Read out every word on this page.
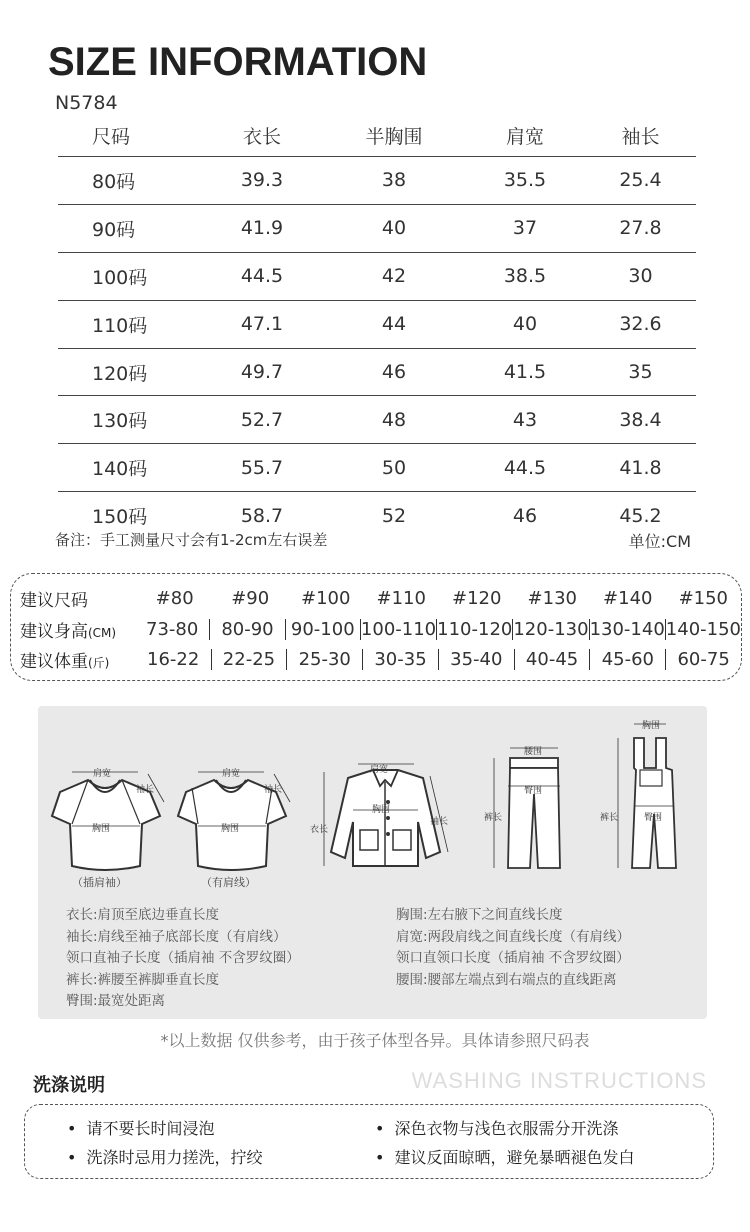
SIZE INFORMATION
N5784
尺码	衣长	半胸围	肩宽	袖长
80码	39.3	38	35.5	25.4
90码	41.9	40	37	27.8
100码	44.5	42	38.5	30
110码	47.1	44	40	32.6
120码	49.7	46	41.5	35
130码	52.7	48	43	38.4
140码	55.7	50	44.5	41.8
150码	58.7	52	46	45.2
备注：手工测量尺寸会有1-2cm左右误差	单位:CM
建议尺码	#80	#90	#100	#110	#120	#130	#140	#150
建议身高(CM)	73-80	80-90 90-100 100-110 110-120 120-130 130-140 140-150
建议体重(斤)	16-22	22-25	25-30	30-35	35-40	40-45	45-60	60-75
肩宽
袖长
胸围
（插肩袖）
肩宽
袖长
胸围
（有肩线）
肩宽
衣长
袖长
胸围
腰围
臀围
裤长
胸围
臀围
裤长
衣长:肩顶至底边垂直长度
袖长:肩线至袖子底部长度（有肩线）
领口直袖子长度（插肩袖 不含罗纹圈）
裤长:裤腰至裤脚垂直长度
臀围:最宽处距离
胸围:左右腋下之间直线长度
肩宽:两段肩线之间直线长度（有肩线）
领口直领口长度（插肩袖 不含罗纹圈）
腰围:腰部左端点到右端点的直线距离
*以上数据 仅供参考，由于孩子体型各异。具体请参照尺码表
洗涤说明	WASHING INSTRUCTIONS
• 请不要长时间浸泡	• 深色衣物与浅色衣服需分开洗涤
• 洗涤时忌用力搓洗，拧绞	• 建议反面晾晒，避免暴晒褪色发白
